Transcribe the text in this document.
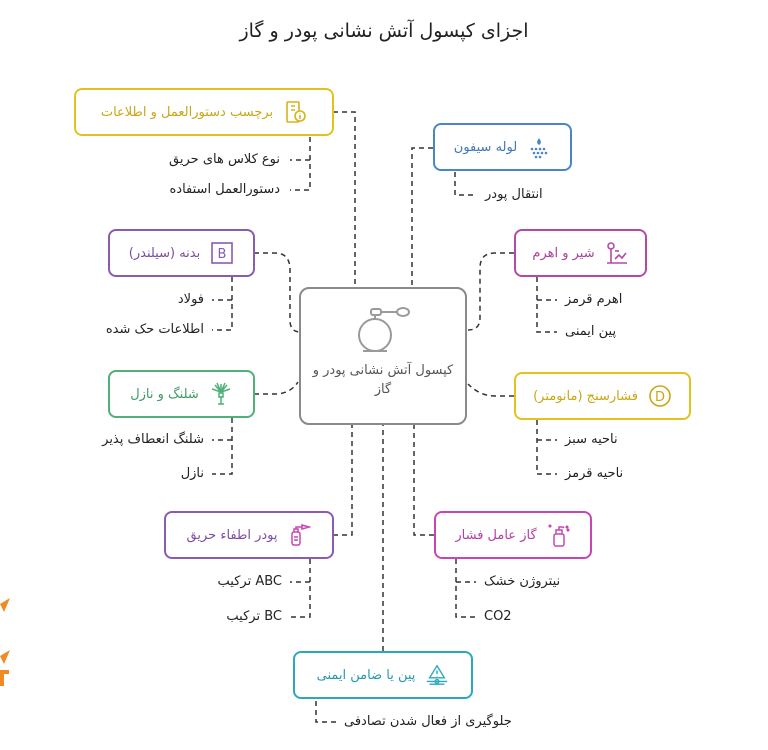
اجزای کپسول آتش نشانی پودر و گاز
کپسول آتش نشانی پودر و گاز
برچسب دستورالعمل و اطلاعات
نوع کلاس های حریق
دستورالعمل استفاده
لوله سیفون
انتقال پودر
B
بدنه (سیلندر)
فولاد
اطلاعات حک شده
شیر و اهرم
اهرم قرمز
پین ایمنی
شلنگ و نازل
شلنگ انعطاف پذیر
نازل
D
فشارسنج (مانومتر)
ناحیه سبز
ناحیه قرمز
پودر اطفاء حریق
ABC ترکیب
BC ترکیب
گاز عامل فشار
نیتروژن خشک
CO2
پین یا ضامن ایمنی
جلوگیری از فعال شدن تصادفی
